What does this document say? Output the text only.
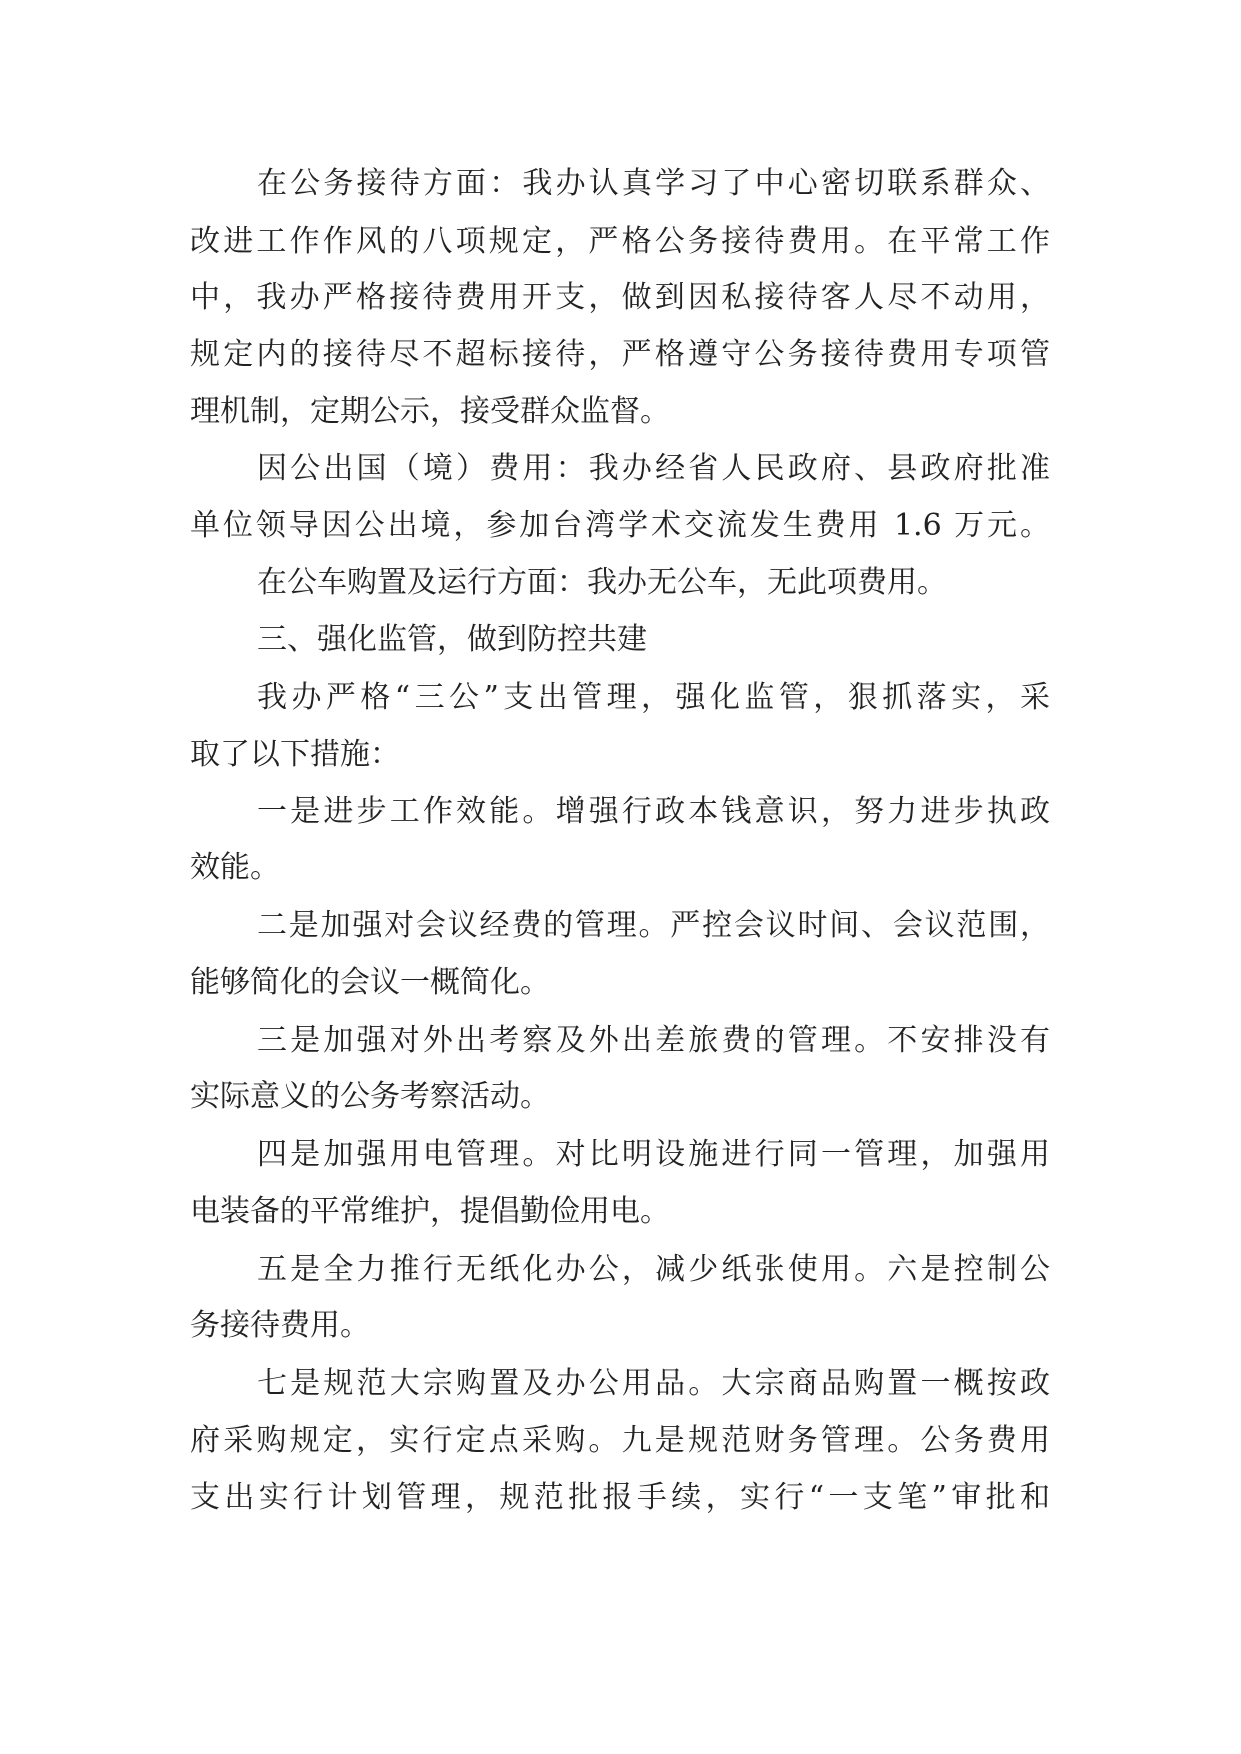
在公务接待方面：我办认真学习了中心密切联系群众、
改进工作作风的八项规定，严格公务接待费用。在平常工作
中，我办严格接待费用开支，做到因私接待客人尽不动用，
规定内的接待尽不超标接待，严格遵守公务接待费用专项管
理机制，定期公示，接受群众监督。
因公出国（境）费用：我办经省人民政府、县政府批准
单位领导因公出境，参加台湾学术交流发生费用 1.6 万元。
在公车购置及运行方面：我办无公车，无此项费用。
三、强化监管，做到防控共建
我办严格“三公”支出管理，强化监管，狠抓落实，采
取了以下措施：
一是进步工作效能。增强行政本钱意识，努力进步执政
效能。
二是加强对会议经费的管理。严控会议时间、会议范围，
能够简化的会议一概简化。
三是加强对外出考察及外出差旅费的管理。不安排没有
实际意义的公务考察活动。
四是加强用电管理。对比明设施进行同一管理，加强用
电装备的平常维护，提倡勤俭用电。
五是全力推行无纸化办公，减少纸张使用。六是控制公
务接待费用。
七是规范大宗购置及办公用品。大宗商品购置一概按政
府采购规定，实行定点采购。九是规范财务管理。公务费用
支出实行计划管理，规范批报手续，实行“一支笔”审批和
